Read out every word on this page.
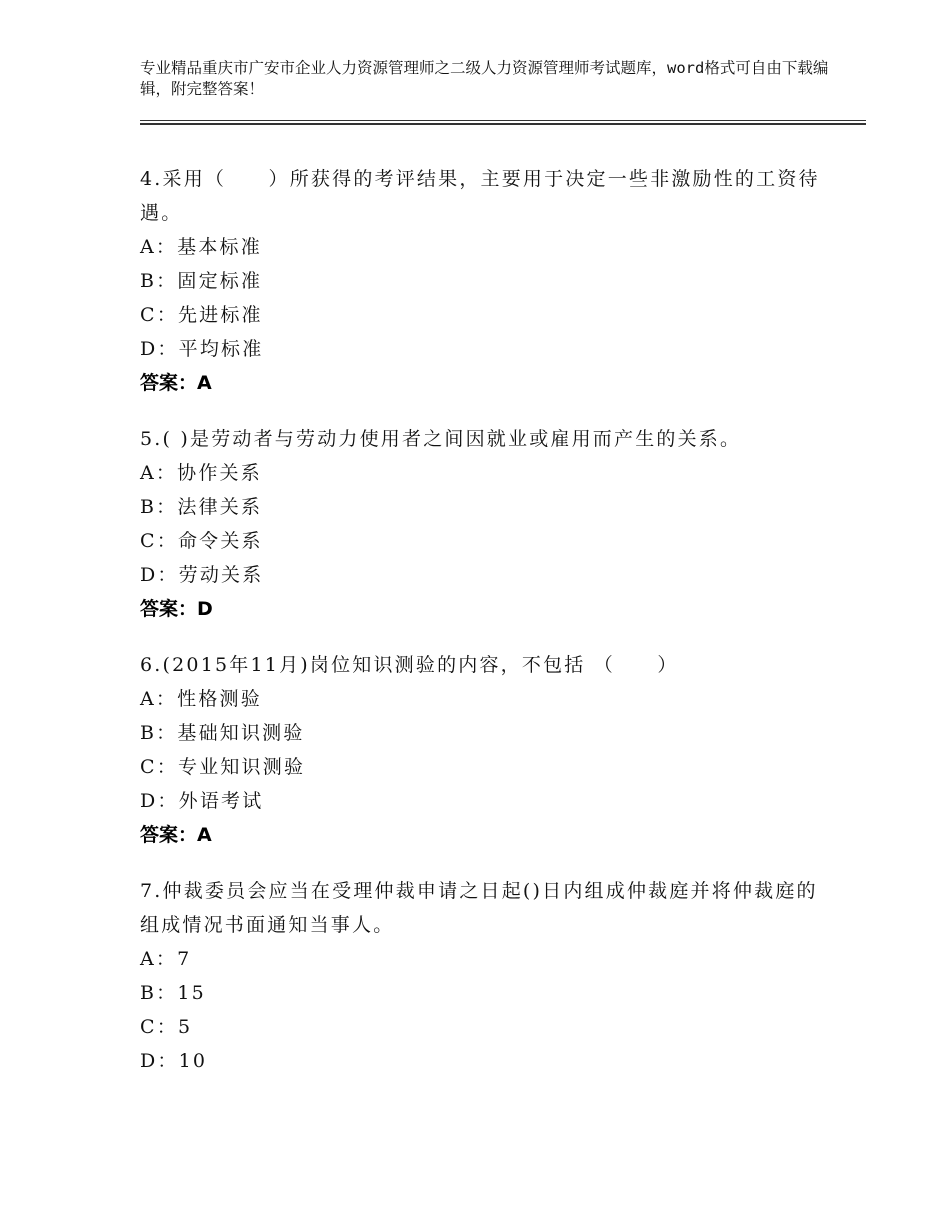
专业精品重庆市广安市企业人力资源管理师之二级人力资源管理师考试题库，word格式可自由下载编辑，附完整答案！
4.采用（　　）所获得的考评结果，主要用于决定一些非激励性的工资待遇。
A：基本标准
B：固定标准
C：先进标准
D：平均标准
答案：A
5.( )是劳动者与劳动力使用者之间因就业或雇用而产生的关系。
A：协作关系
B：法律关系
C：命令关系
D：劳动关系
答案：D
6.(2015年11月)岗位知识测验的内容，不包括 （　　）
A：性格测验
B：基础知识测验
C：专业知识测验
D：外语考试
答案：A
7.仲裁委员会应当在受理仲裁申请之日起()日内组成仲裁庭并将仲裁庭的组成情况书面通知当事人。
A：7
B：15
C：5
D：10
